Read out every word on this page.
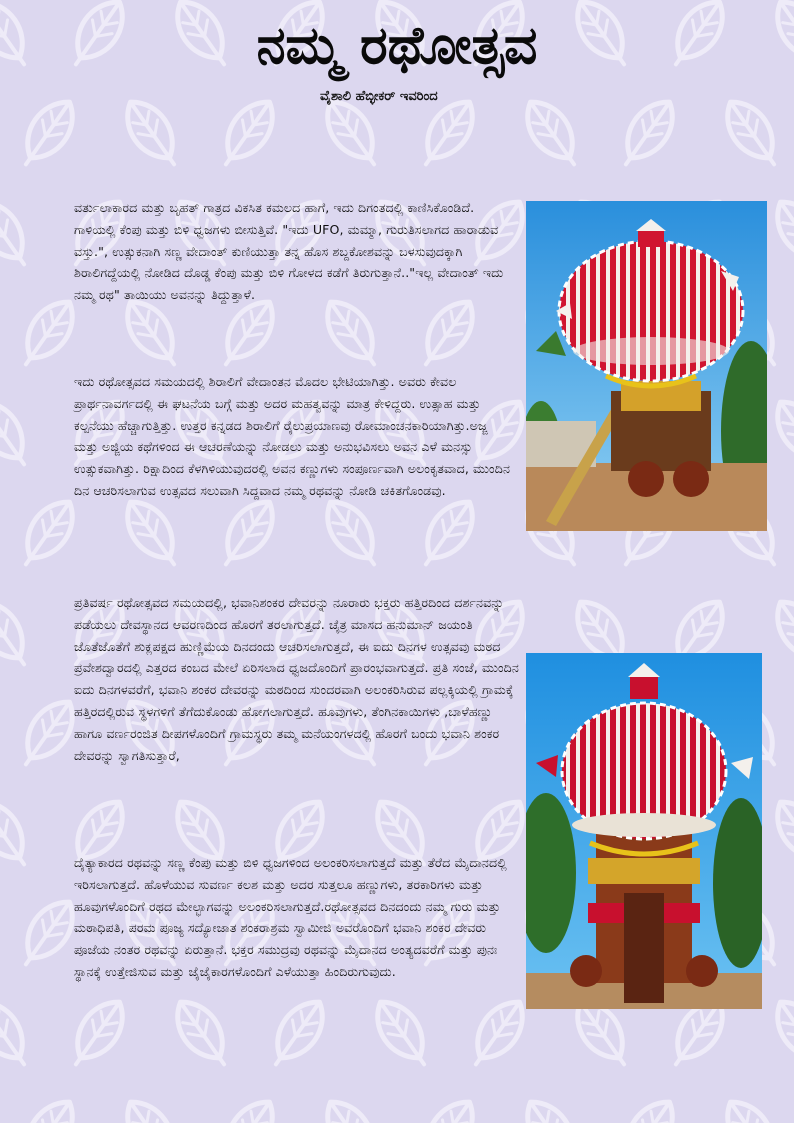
ನಮ್ಮ ರಥೋತ್ಸವ
ವೈಶಾಲಿ ಹೆಬ್ಳೀಕರ್ ಇವರಿಂದ

ವರ್ತುಲಾಕಾರದ ಮತ್ತು ಬೃಹತ್ ಗಾತ್ರದ ವಿಕಸಿತ ಕಮಲದ ಹಾಗೆ, ಇದು ದಿಗಂತದಲ್ಲಿ ಕಾಣಿಸಿಕೊಂಡಿದೆ. ಗಾಳಿಯಲ್ಲಿ ಕೆಂಪು ಮತ್ತು ಬಿಳಿ ಧ್ವಜಗಳು ಬೀಸುತ್ತಿವೆ. "ಇದು UFO, ಮಮ್ಮಾ, ಗುರುತಿಸಲಾಗದ ಹಾರಾಡುವ ವಸ್ತು.", ಉತ್ಸುಕನಾಗಿ ಸಣ್ಣ ವೇದಾಂತ್ ಕುಣಿಯುತ್ತಾ ತನ್ನ ಹೊಸ ಶಬ್ದಕೋಶವನ್ನು ಬಳಸುವುದಕ್ಕಾಗಿ ಶಿರಾಲಿಗದ್ದೆಯಲ್ಲಿ ನೋಡಿದ ದೊಡ್ಡ ಕೆಂಪು ಮತ್ತು ಬಿಳಿ ಗೋಳದ ಕಡೆಗೆ ತಿರುಗುತ್ತಾನೆ.."ಇಲ್ಲ ವೇದಾಂತ್ ಇದು ನಮ್ಮ ರಥ" ತಾಯಿಯು ಅವನನ್ನು ತಿದ್ದುತ್ತಾಳೆ.

ಇದು ರಥೋತ್ಸವದ ಸಮಯದಲ್ಲಿ ಶಿರಾಲಿಗೆ ವೇದಾಂತನ ಮೊದಲ ಭೇಟಿಯಾಗಿತ್ತು. ಅವರು ಕೇವಲ ಪ್ರಾರ್ಥನಾವರ್ಗದಲ್ಲಿ ಈ ಘಟನೆಯ ಬಗ್ಗೆ ಮತ್ತು ಅದರ ಮಹತ್ವವನ್ನು ಮಾತ್ರ ಕೇಳಿದ್ದರು. ಉತ್ಸಾಹ ಮತ್ತು ಕಲ್ಪನೆಯು ಹೆಚ್ಚಾಗುತ್ತಿತ್ತು. ಉತ್ತರ ಕನ್ನಡದ ಶಿರಾಲಿಗೆ ರೈಲುಪ್ರಯಾಣವು ರೋಮಾಂಚನಕಾರಿಯಾಗಿತ್ತು.ಅಜ್ಜ ಮತ್ತು ಅಜ್ಜಿಯ ಕಥೆಗಳಿಂದ ಈ ಆಚರಣೆಯನ್ನು ನೋಡಲು ಮತ್ತು ಅನುಭವಿಸಲು ಅವನ ಎಳೆ ಮನಸ್ಸು ಉತ್ಸುಕವಾಗಿತ್ತು. ರಿಕ್ಷಾದಿಂದ ಕೆಳಗಿಳಿಯುವುದರಲ್ಲಿ ಅವನ ಕಣ್ಣುಗಳು ಸಂಪೂರ್ಣವಾಗಿ ಅಲಂಕೃತವಾದ, ಮುಂದಿನ ದಿನ ಆಚರಿಸಲಾಗುವ ಉತ್ಸವದ ಸಲುವಾಗಿ ಸಿದ್ದವಾದ ನಮ್ಮ ರಥವನ್ನು ನೋಡಿ ಚಕಿತಗೊಂಡವು.

ಪ್ರತಿವರ್ಷ ರಥೋತ್ಸವದ ಸಮಯದಲ್ಲಿ, ಭವಾನಿಶಂಕರ ದೇವರನ್ನು ನೂರಾರು ಭಕ್ತರು ಹತ್ತಿರದಿಂದ ದರ್ಶನವನ್ನು ಪಡೆಯಲು ದೇವಸ್ಥಾನದ ಆವರಣದಿಂದ ಹೊರಗೆ ತರಲಾಗುತ್ತದೆ. ಚೈತ್ರ ಮಾಸದ ಹನುಮಾನ್ ಜಯಂತಿ ಜೊತೆಜೊತೆಗೆ ಶುಕ್ಲಪಕ್ಷದ ಹುಣ್ಣಿಮೆಯ ದಿನದಂದು ಆಚರಿಸಲಾಗುತ್ತದೆ, ಈ ಐದು ದಿನಗಳ ಉತ್ಸವವು ಮಠದ ಪ್ರವೇಶದ್ವಾರದಲ್ಲಿ ಎತ್ತರದ ಕಂಬದ ಮೇಲೆ ಏರಿಸಲಾದ ಧ್ವಜದೊಂದಿಗೆ ಪ್ರಾರಂಭವಾಗುತ್ತದೆ. ಪ್ರತಿ ಸಂಜೆ, ಮುಂದಿನ ಐದು ದಿನಗಳವರೆಗೆ, ಭವಾನಿ ಶಂಕರ ದೇವರನ್ನು ಮಠದಿಂದ ಸುಂದರವಾಗಿ ಅಲಂಕರಿಸಿರುವ ಪಲ್ಲಕ್ಕಿಯಲ್ಲಿ ಗ್ರಾಮಕ್ಕೆ ಹತ್ತಿರದಲ್ಲಿರುವ ಸ್ಥಳಗಳಿಗೆ ತೆಗೆದುಕೊಂಡು ಹೋಗಲಾಗುತ್ತದೆ. ಹೂವುಗಳು, ತೆಂಗಿನಕಾಯಿಗಳು ,ಬಾಳೆಹಣ್ಣು ಹಾಗೂ ವರ್ಣರಂಜಿತ ದೀಪಗಳೊಂದಿಗೆ ಗ್ರಾಮಸ್ಥರು ತಮ್ಮ ಮನೆಯಂಗಳದಲ್ಲಿ ಹೊರಗೆ ಬಂದು ಭವಾನಿ ಶಂಕರ ದೇವರನ್ನು ಸ್ವಾಗತಿಸುತ್ತಾರೆ,

ದೈತ್ಯಾಕಾರದ ರಥವನ್ನು ಸಣ್ಣ ಕೆಂಪು ಮತ್ತು ಬಿಳಿ ಧ್ವಜಗಳಿಂದ ಅಲಂಕರಿಸಲಾಗುತ್ತದೆ ಮತ್ತು ತೆರೆದ ಮೈದಾನದಲ್ಲಿ ಇರಿಸಲಾಗುತ್ತದೆ. ಹೊಳೆಯುವ ಸುವರ್ಣ ಕಲಶ ಮತ್ತು ಅದರ ಸುತ್ತಲೂ ಹಣ್ಣುಗಳು, ತರಕಾರಿಗಳು ಮತ್ತು ಹೂವುಗಳೊಂದಿಗೆ ರಥದ ಮೇಲ್ಭಾಗವನ್ನು ಅಲಂಕರಿಸಲಾಗುತ್ತದೆ.ರಥೋತ್ಸವದ ದಿನದಂದು ನಮ್ಮ ಗುರು ಮತ್ತು ಮಠಾಧಿಪತಿ, ಪರಮ ಪೂಜ್ಯ ಸದ್ಯೋಜಾತ ಶಂಕರಾಶ್ರಮ ಸ್ವಾಮೀಜಿ ಅವರೊಂದಿಗೆ ಭವಾನಿ ಶಂಕರ ದೇವರು ಪೂಜೆಯ ನಂತರ ರಥವನ್ನು ಏರುತ್ತಾನೆ. ಭಕ್ತರ ಸಮುದ್ರವು ರಥವನ್ನು ಮೈದಾನದ ಅಂತ್ಯದವರೆಗೆ ಮತ್ತು ಪುನಃ ಸ್ಥಾನಕ್ಕೆ ಉತ್ತೇಜಿಸುವ ಮತ್ತು ಜೈಜೈಕಾರಗಳೊಂದಿಗೆ ಎಳೆಯುತ್ತಾ ಹಿಂದಿರುಗುವುದು.
